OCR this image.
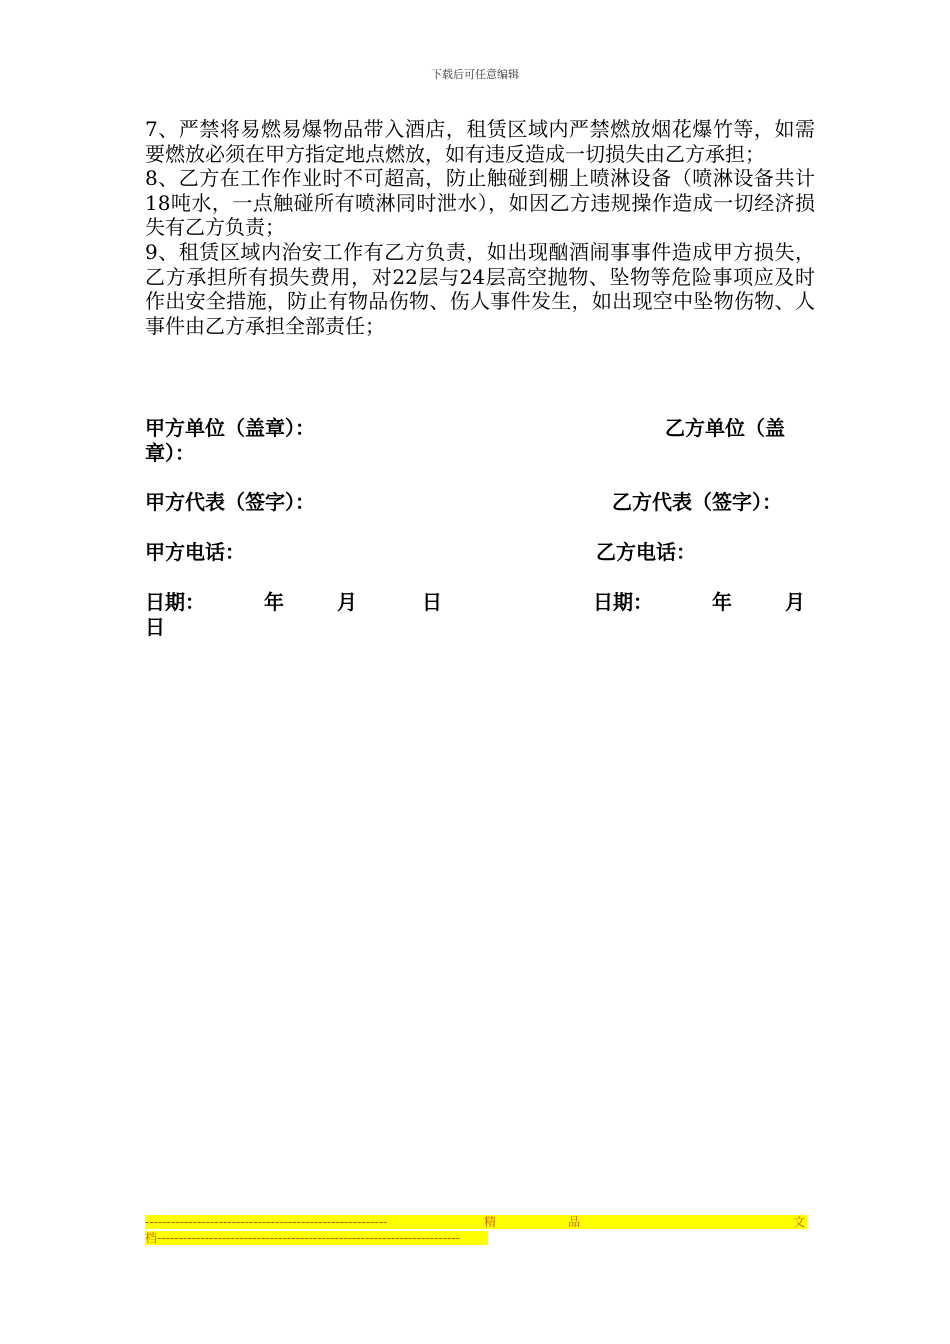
下载后可任意编辑

7、严禁将易燃易爆物品带入酒店，租赁区域内严禁燃放烟花爆竹等，如需要燃放必须在甲方指定地点燃放，如有违反造成一切损失由乙方承担；

8、乙方在工作作业时不可超高，防止触碰到棚上喷淋设备（喷淋设备共计18吨水，一点触碰所有喷淋同时泄水），如因乙方违规操作造成一切经济损失有乙方负责；

9、租赁区域内治安工作有乙方负责，如出现酗酒闹事事件造成甲方损失，乙方承担所有损失费用，对22层与24层高空抛物、坠物等危险事项应及时作出安全措施，防止有物品伤物、伤人事件发生，如出现空中坠物伤物、人事件由乙方承担全部责任；

甲方单位（盖章）：	乙方单位（盖
章）：
甲方代表（签字）：	乙方代表（签字）：
甲方电话：	乙方电话：
日期：	年	月	日	日期：	年	月
日
--------------------------------------------------------	精	品	文
档----------------------------------------------------------------------
